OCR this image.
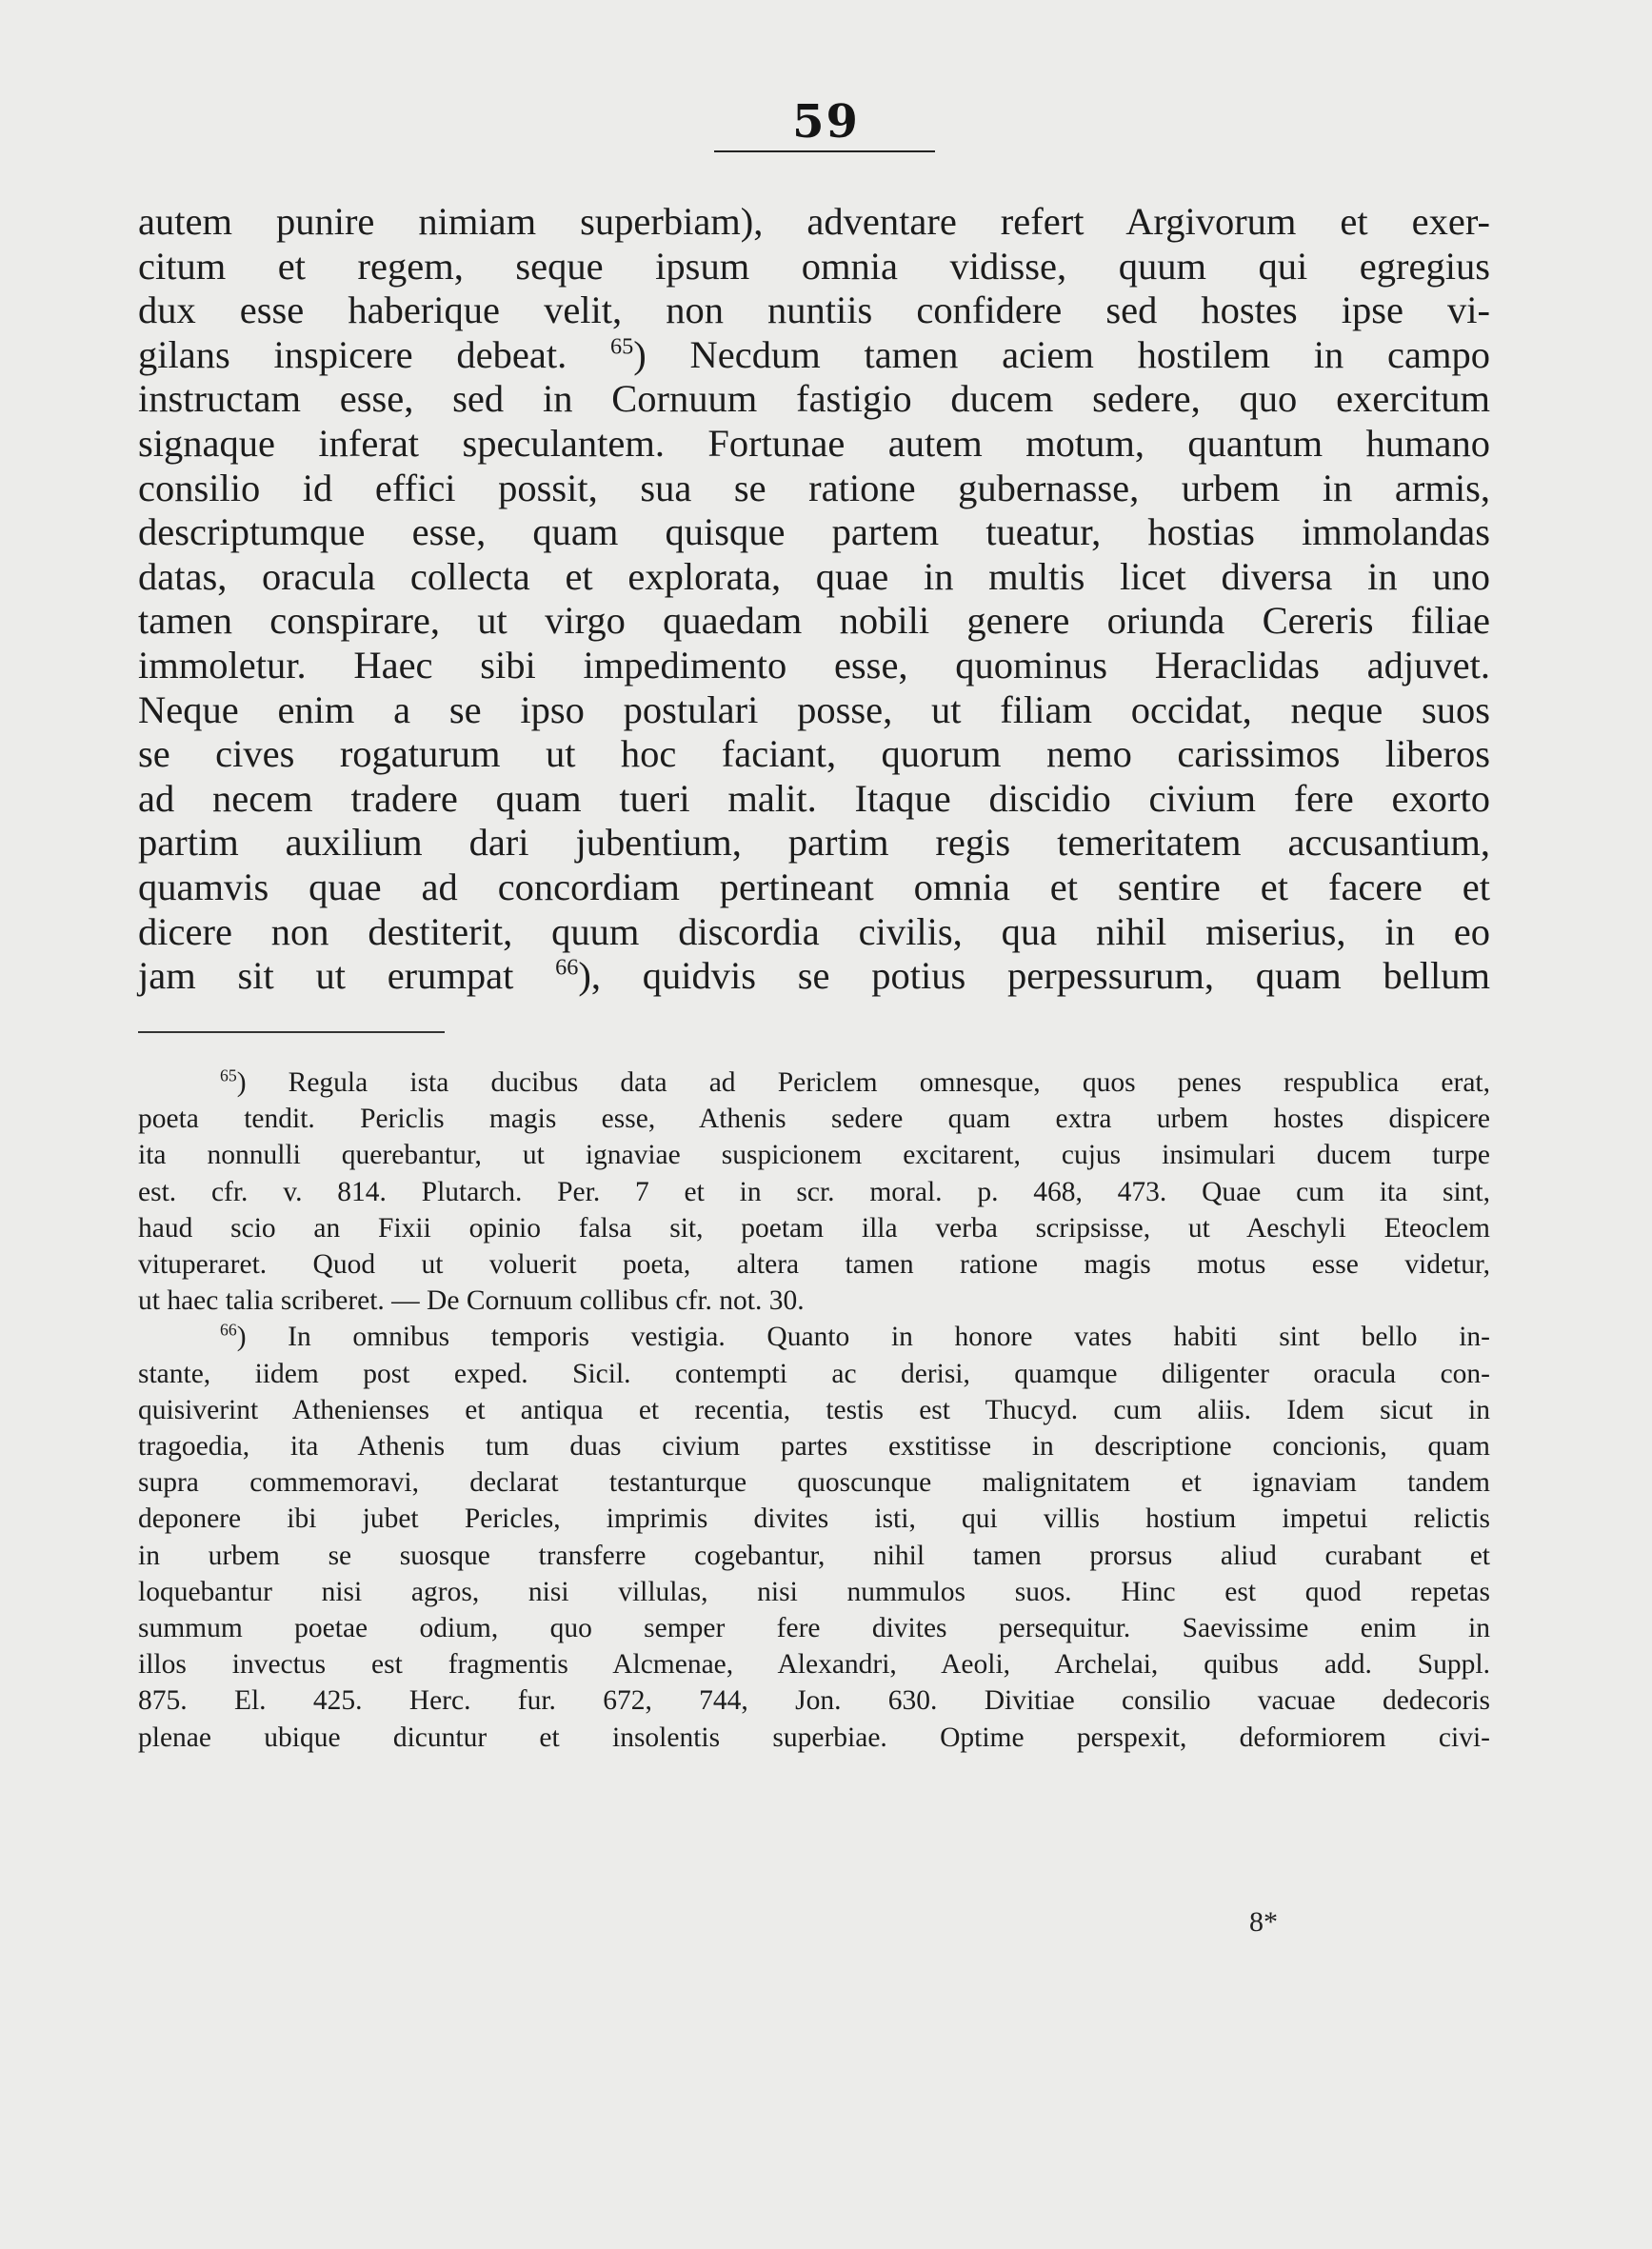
59
autem punire nimiam superbiam), adventare refert Argivorum et exer-
citum et regem, seque ipsum omnia vidisse, quum qui egregius
dux esse haberique velit, non nuntiis confidere sed hostes ipse vi-
gilans inspicere debeat. $^{65}$) Necdum tamen aciem hostilem in campo
instructam esse, sed in Cornuum fastigio ducem sedere, quo exercitum
signaque inferat speculantem. Fortunae autem motum, quantum humano
consilio id effici possit, sua se ratione gubernasse, urbem in armis,
descriptumque esse, quam quisque partem tueatur, hostias immolandas
datas, oracula collecta et explorata, quae in multis licet diversa in uno
tamen conspirare, ut virgo quaedam nobili genere oriunda Cereris filiae
immoletur. Haec sibi impedimento esse, quominus Heraclidas adjuvet.
Neque enim a se ipso postulari posse, ut filiam occidat, neque suos
se cives rogaturum ut hoc faciant, quorum nemo carissimos liberos
ad necem tradere quam tueri malit. Itaque discidio civium fere exorto
partim auxilium dari jubentium, partim regis temeritatem accusantium,
quamvis quae ad concordiam pertineant omnia et sentire et facere et
dicere non destiterit, quum discordia civilis, qua nihil miserius, in eo
jam sit ut erumpat $^{66}$), quidvis se potius perpessurum, quam bellum
$^{65}$) Regula ista ducibus data ad Periclem omnesque, quos penes respublica erat,
poeta tendit. Periclis magis esse, Athenis sedere quam extra urbem hostes dispicere
ita nonnulli querebantur, ut ignaviae suspicionem excitarent, cujus insimulari ducem turpe
est. cfr. v. 814. Plutarch. Per. 7 et in scr. moral. p. 468, 473. Quae cum ita sint,
haud scio an Fixii opinio falsa sit, poetam illa verba scripsisse, ut Aeschyli Eteoclem
vituperaret. Quod ut voluerit poeta, altera tamen ratione magis motus esse videtur,
ut haec talia scriberet. — De Cornuum collibus cfr. not. 30.
$^{66}$) In omnibus temporis vestigia. Quanto in honore vates habiti sint bello in-
stante, iidem post exped. Sicil. contempti ac derisi, quamque diligenter oracula con-
quisiverint Athenienses et antiqua et recentia, testis est Thucyd. cum aliis. Idem sicut in
tragoedia, ita Athenis tum duas civium partes exstitisse in descriptione concionis, quam
supra commemoravi, declarat testanturque quoscunque malignitatem et ignaviam tandem
deponere ibi jubet Pericles, imprimis divites isti, qui villis hostium impetui relictis
in urbem se suosque transferre cogebantur, nihil tamen prorsus aliud curabant et
loquebantur nisi agros, nisi villulas, nisi nummulos suos. Hinc est quod repetas
summum poetae odium, quo semper fere divites persequitur. Saevissime enim in
illos invectus est fragmentis Alcmenae, Alexandri, Aeoli, Archelai, quibus add. Suppl.
875. El. 425. Herc. fur. 672, 744, Jon. 630. Divitiae consilio vacuae dedecoris
plenae ubique dicuntur et insolentis superbiae. Optime perspexit, deformiorem civi-
8*
